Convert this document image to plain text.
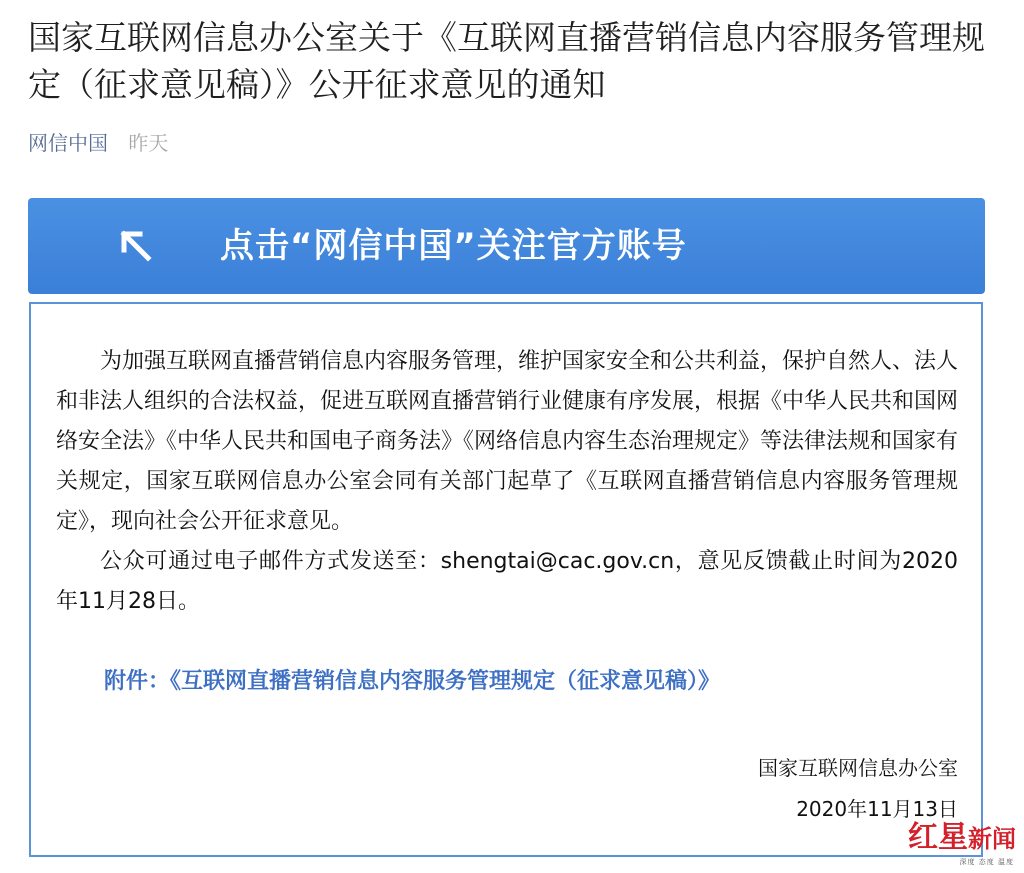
国家互联网信息办公室关于《互联网直播营销信息内容服务管理规定（征求意见稿）》公开征求意见的通知
网信中国 昨天
点击“网信中国”关注官方账号

为加强互联网直播营销信息内容服务管理，维护国家安全和公共利益，保护自然人、法人和非法人组织的合法权益，促进互联网直播营销行业健康有序发展，根据《中华人民共和国网络安全法》《中华人民共和国电子商务法》《网络信息内容生态治理规定》等法律法规和国家有关规定，国家互联网信息办公室会同有关部门起草了《互联网直播营销信息内容服务管理规定》，现向社会公开征求意见。

公众可通过电子邮件方式发送至：shengtai@cac.gov.cn，意见反馈截止时间为2020年11月28日。

附件：《互联网直播营销信息内容服务管理规定（征求意见稿）》
国家互联网信息办公室
2020年11月13日
红星新闻
深度 态度 温度
